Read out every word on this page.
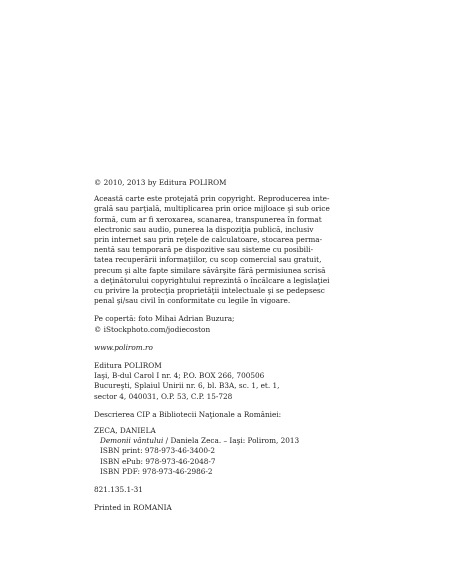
© 2010, 2013 by Editura POLIROM
Această carte este protejată prin copyright. Reproducerea inte-
grală sau parţială, multiplicarea prin orice mijloace şi sub orice
formă, cum ar fi xeroxarea, scanarea, transpunerea în format
electronic sau audio, punerea la dispoziţia publică, inclusiv
prin internet sau prin reţele de calculatoare, stocarea perma-
nentă sau temporară pe dispozitive sau sisteme cu posibili-
tatea recuperării informaţiilor, cu scop comercial sau gratuit,
precum şi alte fapte similare săvârşite fără permisiunea scrisă
a deţinătorului copyrightului reprezintă o încălcare a legislaţiei
cu privire la protecţia proprietăţii intelectuale şi se pedepsesc
penal şi/sau civil în conformitate cu legile în vigoare.
Pe copertă: foto Mihai Adrian Buzura;
© iStockphoto.com/jodiecoston
www.polirom.ro
Editura POLIROM
Iaşi, B-dul Carol I nr. 4; P.O. BOX 266, 700506
Bucureşti, Splaiul Unirii nr. 6, bl. B3A, sc. 1, et. 1,
sector 4, 040031, O.P. 53, C.P. 15-728
Descrierea CIP a Bibliotecii Naţionale a României:
ZECA, DANIELA
Demonii vântului / Daniela Zeca. – Iaşi: Polirom, 2013
ISBN print: 978-973-46-3400-2
ISBN ePub: 978-973-46-2048-7
ISBN PDF: 978-973-46-2986-2
821.135.1-31
Printed in ROMANIA
